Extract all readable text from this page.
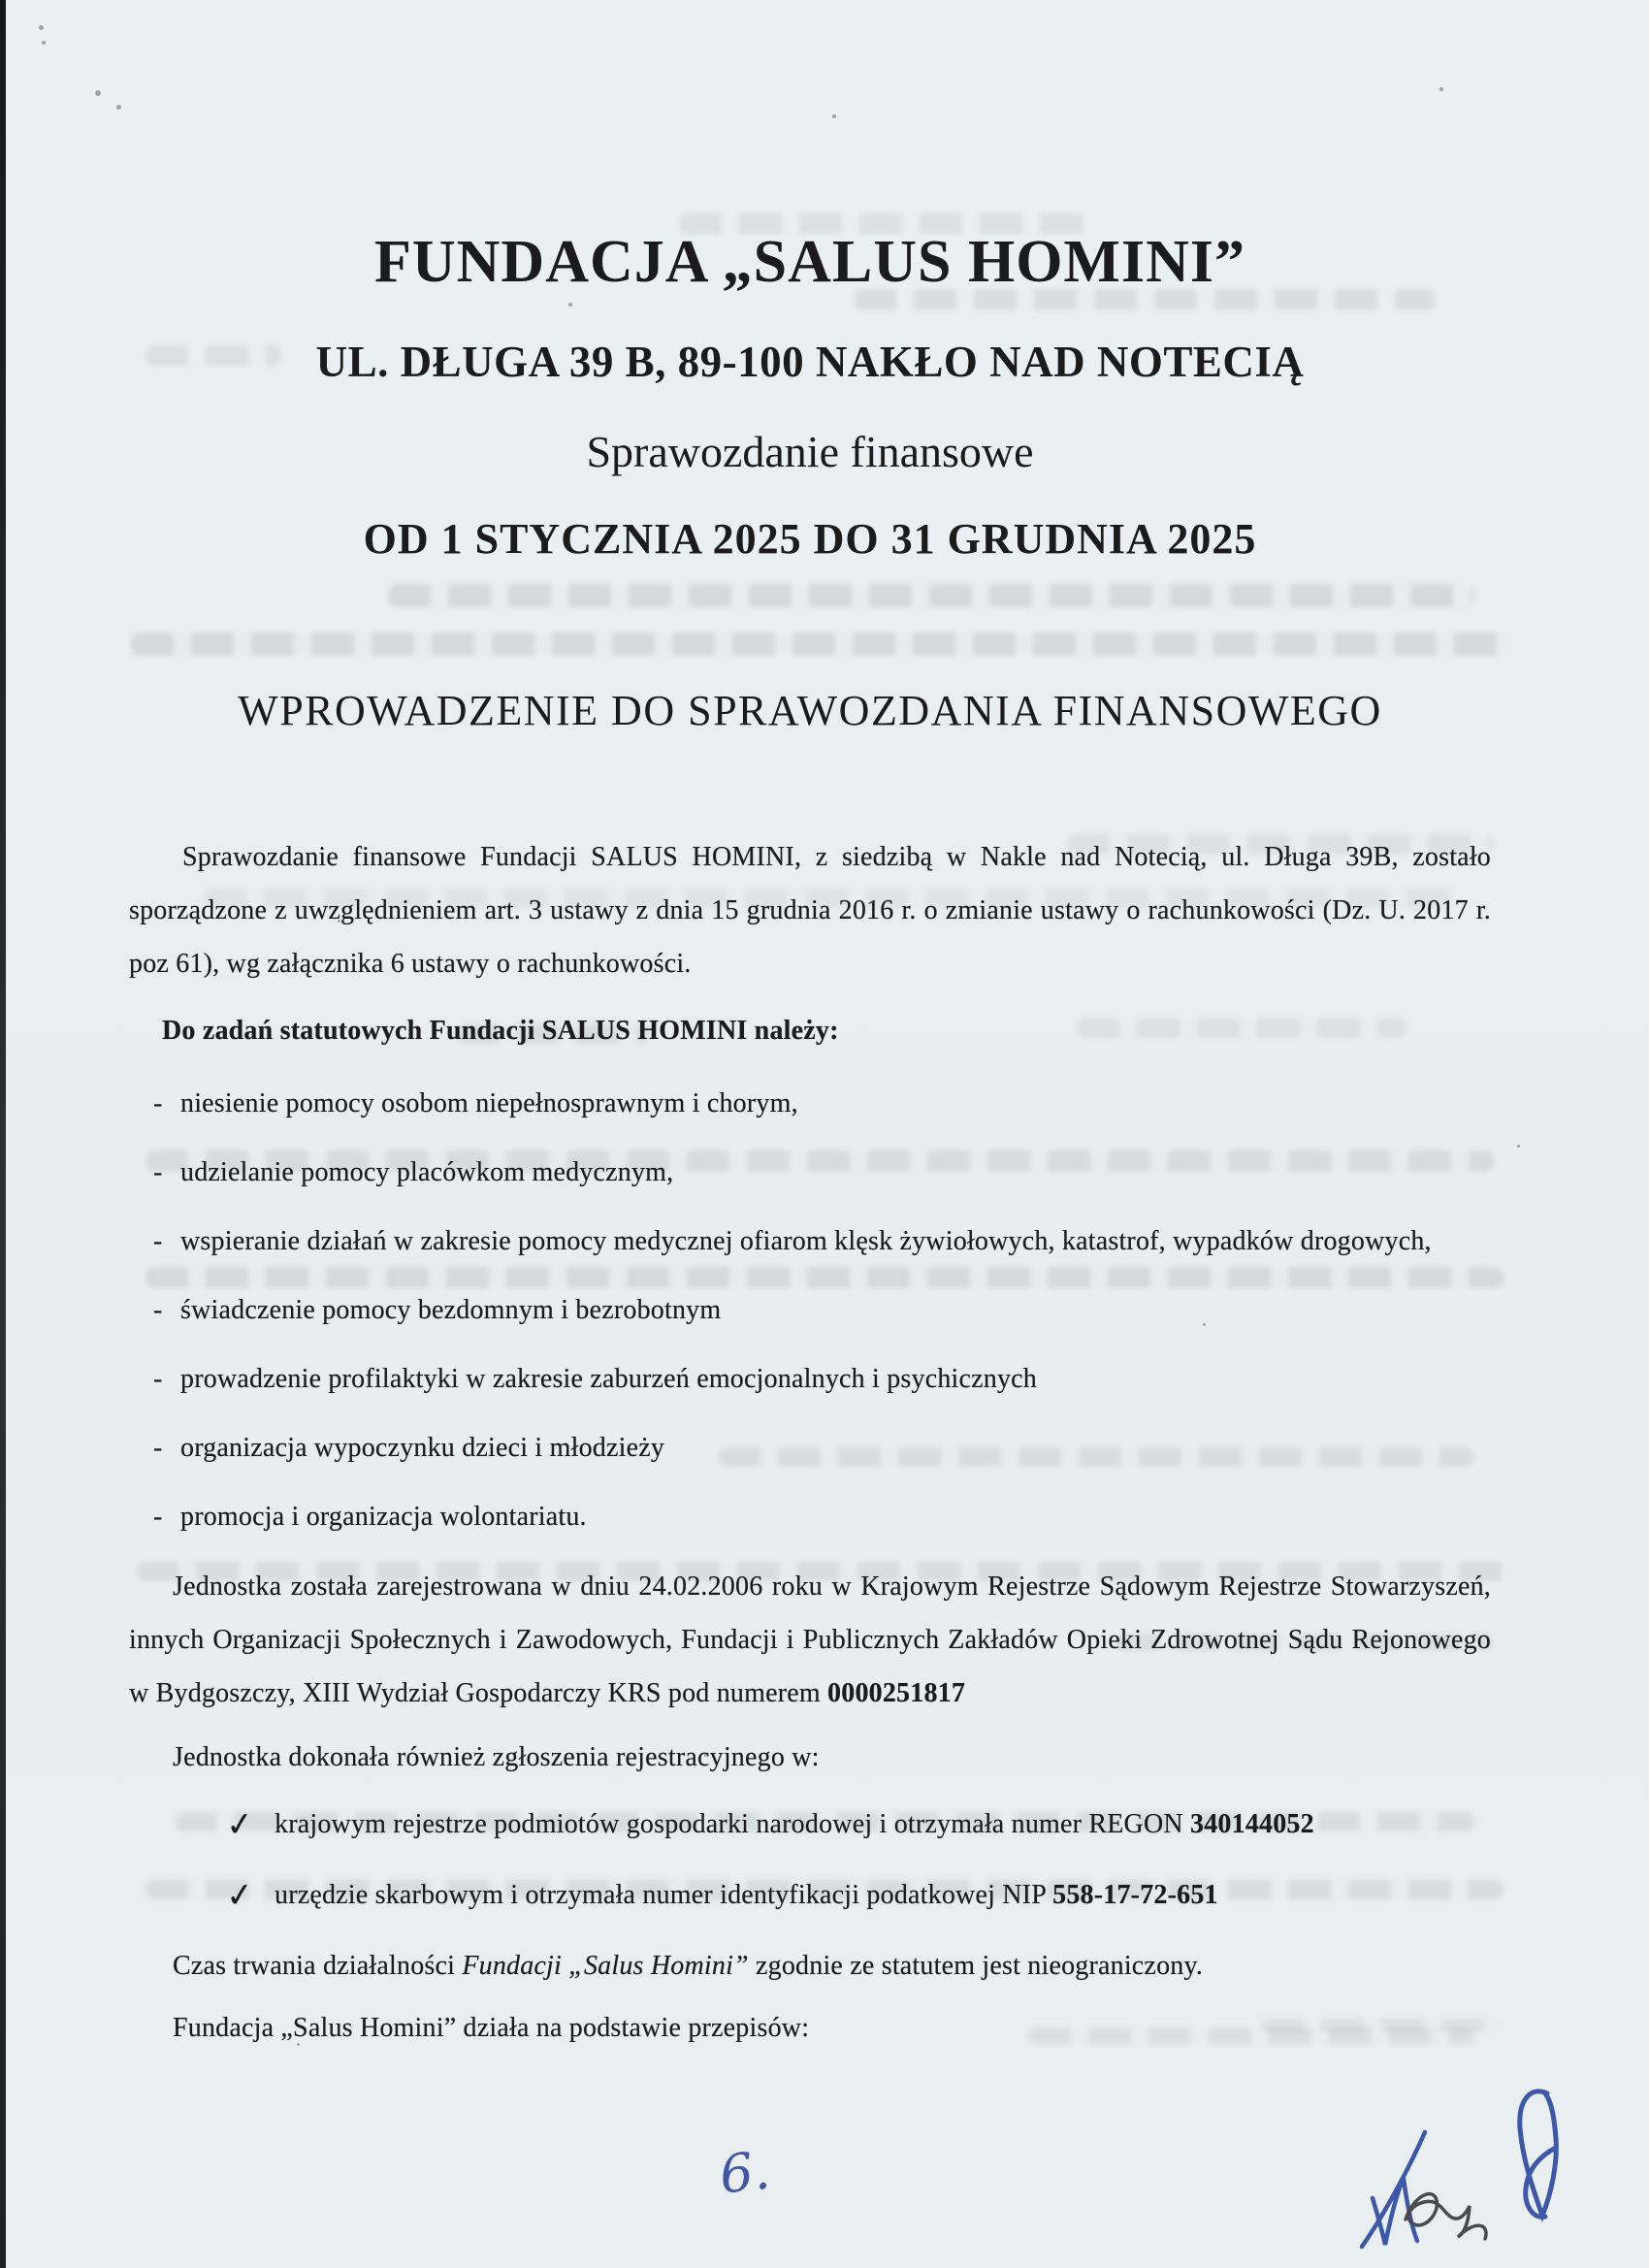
FUNDACJA „SALUS HOMINI”
UL. DŁUGA 39 B, 89-100 NAKŁO NAD NOTECIĄ
Sprawozdanie finansowe
OD 1 STYCZNIA 2025 DO 31 GRUDNIA 2025
WPROWADZENIE DO SPRAWOZDANIA FINANSOWEGO

Sprawozdanie finansowe Fundacji SALUS HOMINI, z siedzibą w Nakle nad Notecią, ul. Długa 39B, zostało sporządzone z uwzględnieniem art. 3 ustawy z dnia 15 grudnia 2016 r. o zmianie ustawy o rachunkowości (Dz. U. 2017 r. poz 61), wg załącznika 6 ustawy o rachunkowości.

Do zadań statutowych Fundacji SALUS HOMINI należy:

- niesienie pomocy osobom niepełnosprawnym i chorym,
- udzielanie pomocy placówkom medycznym,
- wspieranie działań w zakresie pomocy medycznej ofiarom klęsk żywiołowych, katastrof, wypadków drogowych,
- świadczenie pomocy bezdomnym i bezrobotnym
- prowadzenie profilaktyki w zakresie zaburzeń emocjonalnych i psychicznych
- organizacja wypoczynku dzieci i młodzieży
- promocja i organizacja wolontariatu.

Jednostka została zarejestrowana w dniu 24.02.2006 roku w Krajowym Rejestrze Sądowym Rejestrze Stowarzyszeń, innych Organizacji Społecznych i Zawodowych, Fundacji i Publicznych Zakładów Opieki Zdrowotnej Sądu Rejonowego w Bydgoszczy, XIII Wydział Gospodarczy KRS pod numerem 0000251817

Jednostka dokonała również zgłoszenia rejestracyjnego w:

✓ krajowym rejestrze podmiotów gospodarki narodowej i otrzymała numer REGON 340144052
✓ urzędzie skarbowym i otrzymała numer identyfikacji podatkowej NIP 558-17-72-651

Czas trwania działalności Fundacji „Salus Homini” zgodnie ze statutem jest nieograniczony.

Fundacja „Salus Homini” działa na podstawie przepisów:

6.
